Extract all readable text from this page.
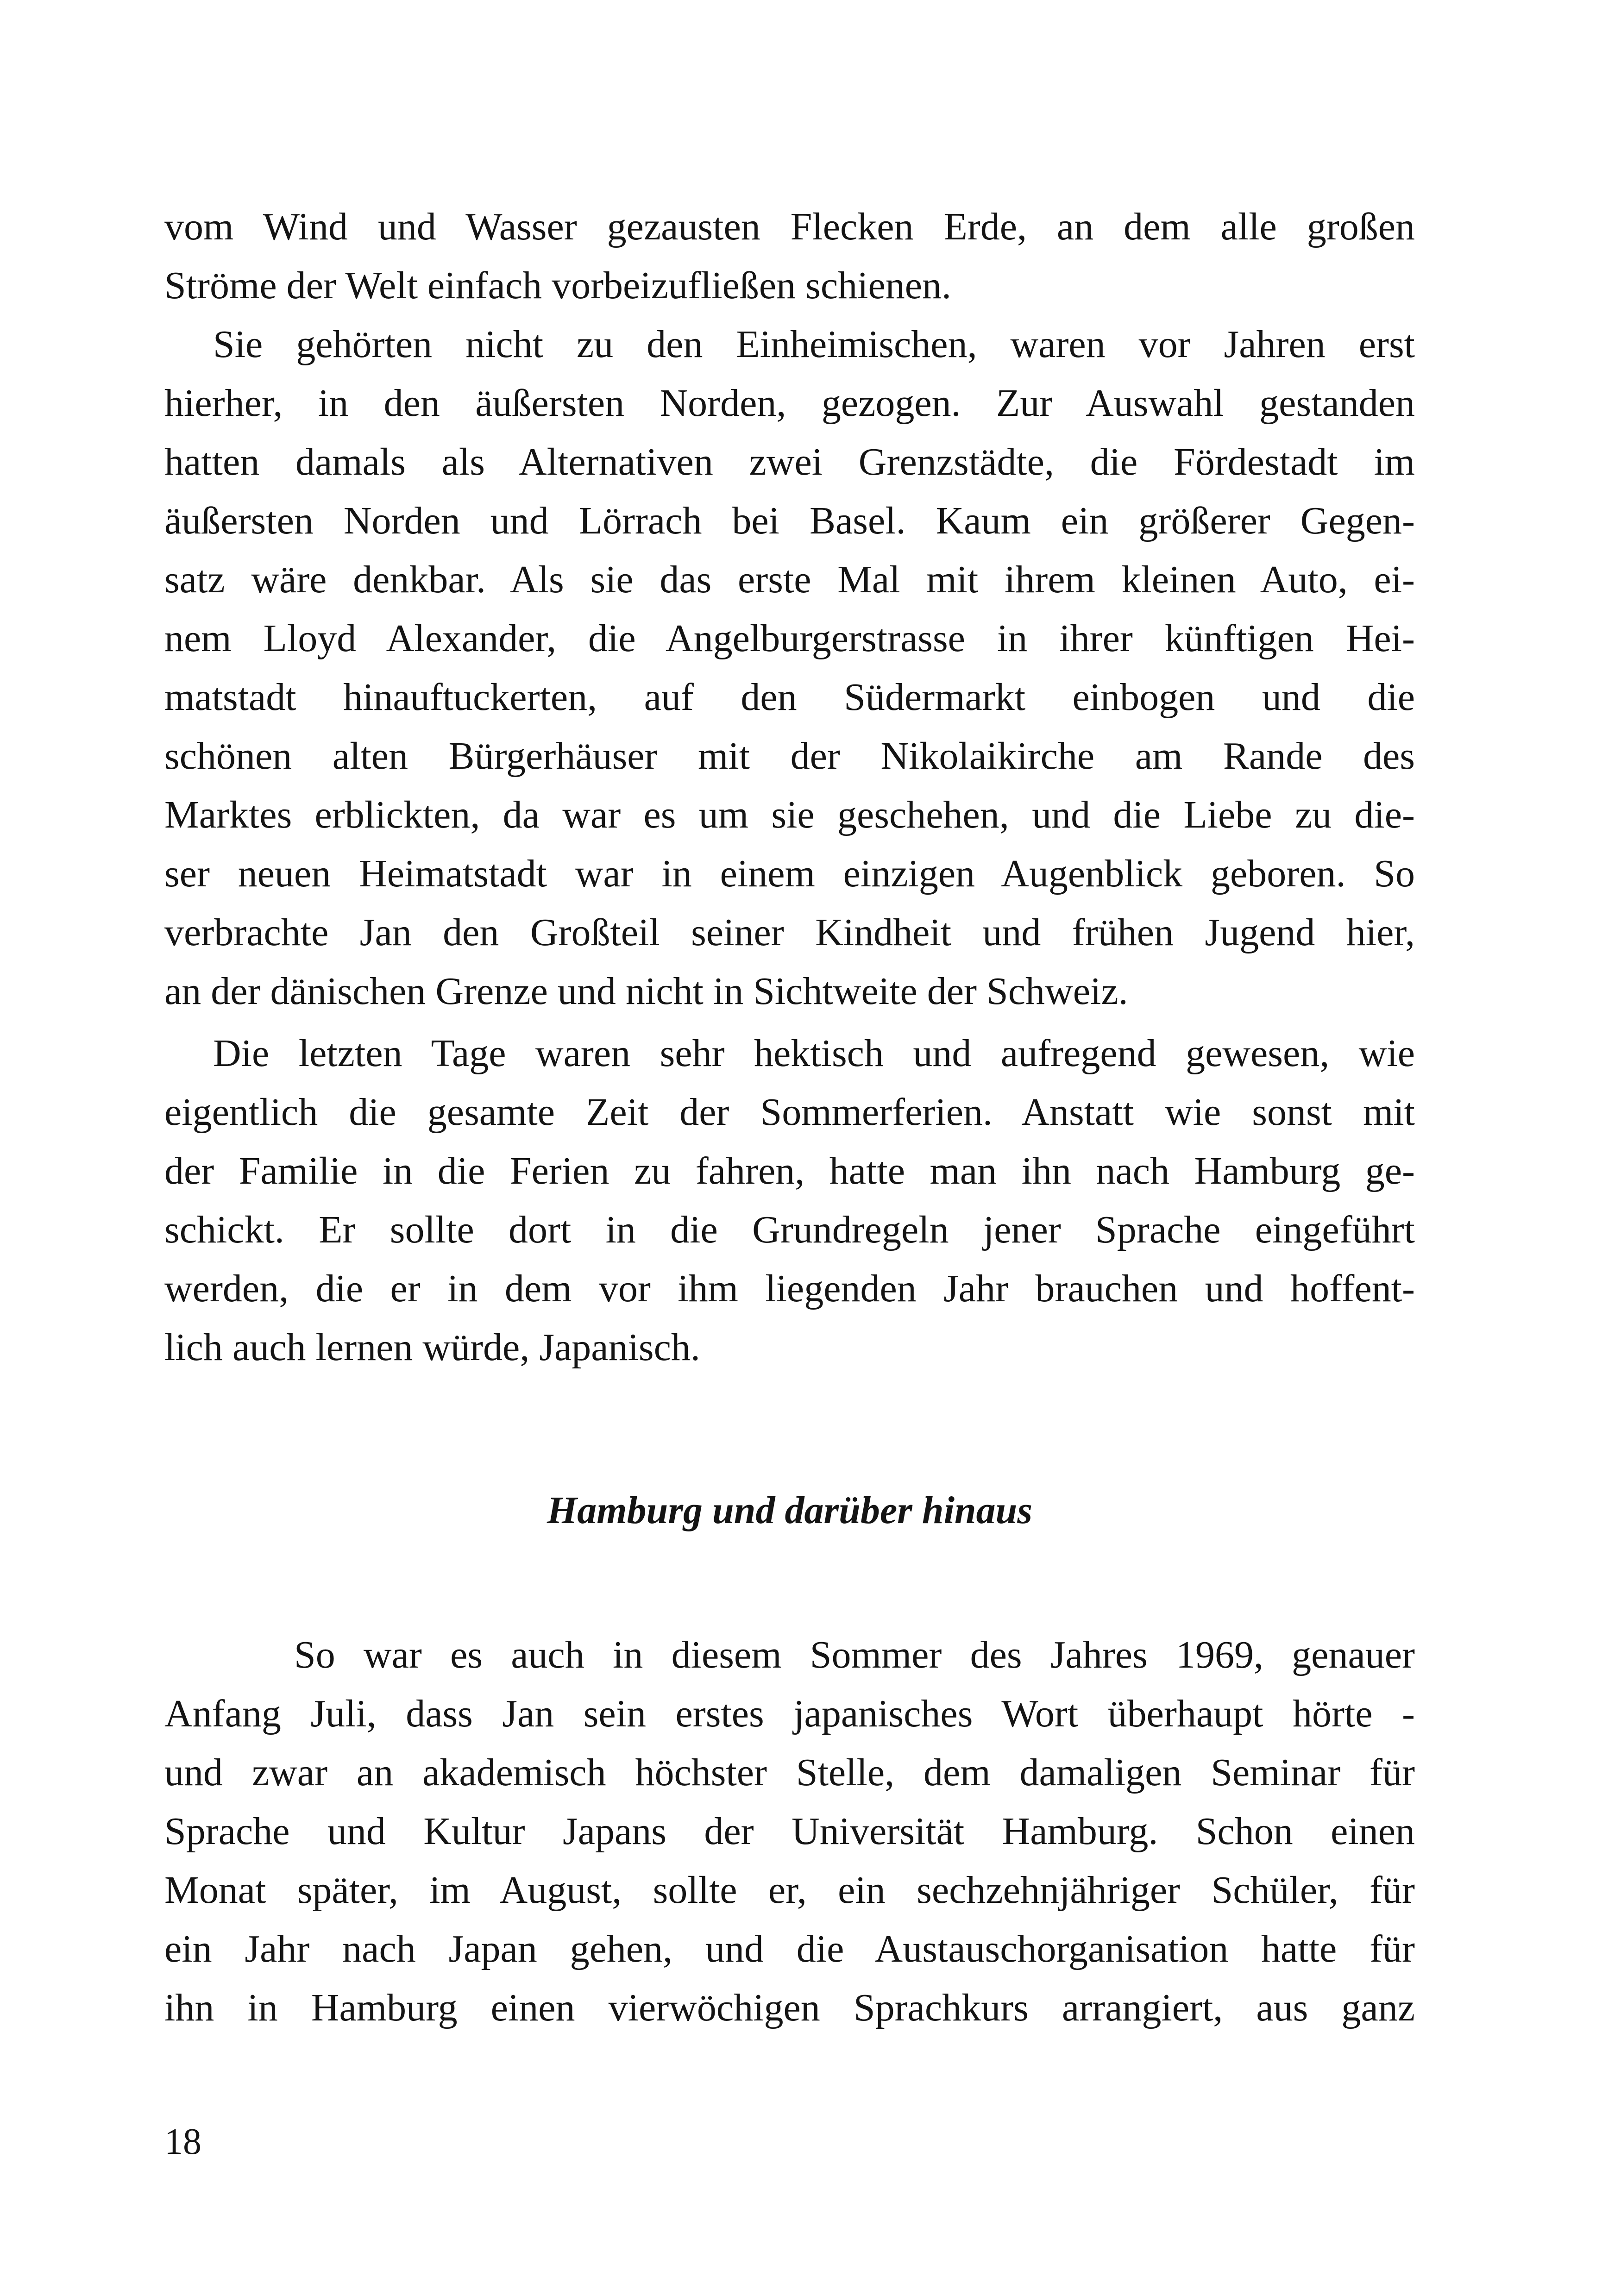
vom Wind und Wasser gezausten Flecken Erde, an dem alle großen
Ströme der Welt einfach vorbeizufließen schienen.
Sie gehörten nicht zu den Einheimischen, waren vor Jahren erst
hierher, in den äußersten Norden, gezogen. Zur Auswahl gestanden
hatten damals als Alternativen zwei Grenzstädte, die Fördestadt im
äußersten Norden und Lörrach bei Basel. Kaum ein größerer Gegen-
satz wäre denkbar. Als sie das erste Mal mit ihrem kleinen Auto, ei-
nem Lloyd Alexander, die Angelburgerstrasse in ihrer künftigen Hei-
matstadt hinauftuckerten, auf den Südermarkt einbogen und die
schönen alten Bürgerhäuser mit der Nikolaikirche am Rande des
Marktes erblickten, da war es um sie geschehen, und die Liebe zu die-
ser neuen Heimatstadt war in einem einzigen Augenblick geboren. So
verbrachte Jan den Großteil seiner Kindheit und frühen Jugend hier,
an der dänischen Grenze und nicht in Sichtweite der Schweiz.
Die letzten Tage waren sehr hektisch und aufregend gewesen, wie
eigentlich die gesamte Zeit der Sommerferien. Anstatt wie sonst mit
der Familie in die Ferien zu fahren, hatte man ihn nach Hamburg ge-
schickt. Er sollte dort in die Grundregeln jener Sprache eingeführt
werden, die er in dem vor ihm liegenden Jahr brauchen und hoffent-
lich auch lernen würde, Japanisch.
Hamburg und darüber hinaus
So war es auch in diesem Sommer des Jahres 1969, genauer
Anfang Juli, dass Jan sein erstes japanisches Wort überhaupt hörte -
und zwar an akademisch höchster Stelle, dem damaligen Seminar für
Sprache und Kultur Japans der Universität Hamburg. Schon einen
Monat später, im August, sollte er, ein sechzehnjähriger Schüler, für
ein Jahr nach Japan gehen, und die Austauschorganisation hatte für
ihn in Hamburg einen vierwöchigen Sprachkurs arrangiert, aus ganz
18
